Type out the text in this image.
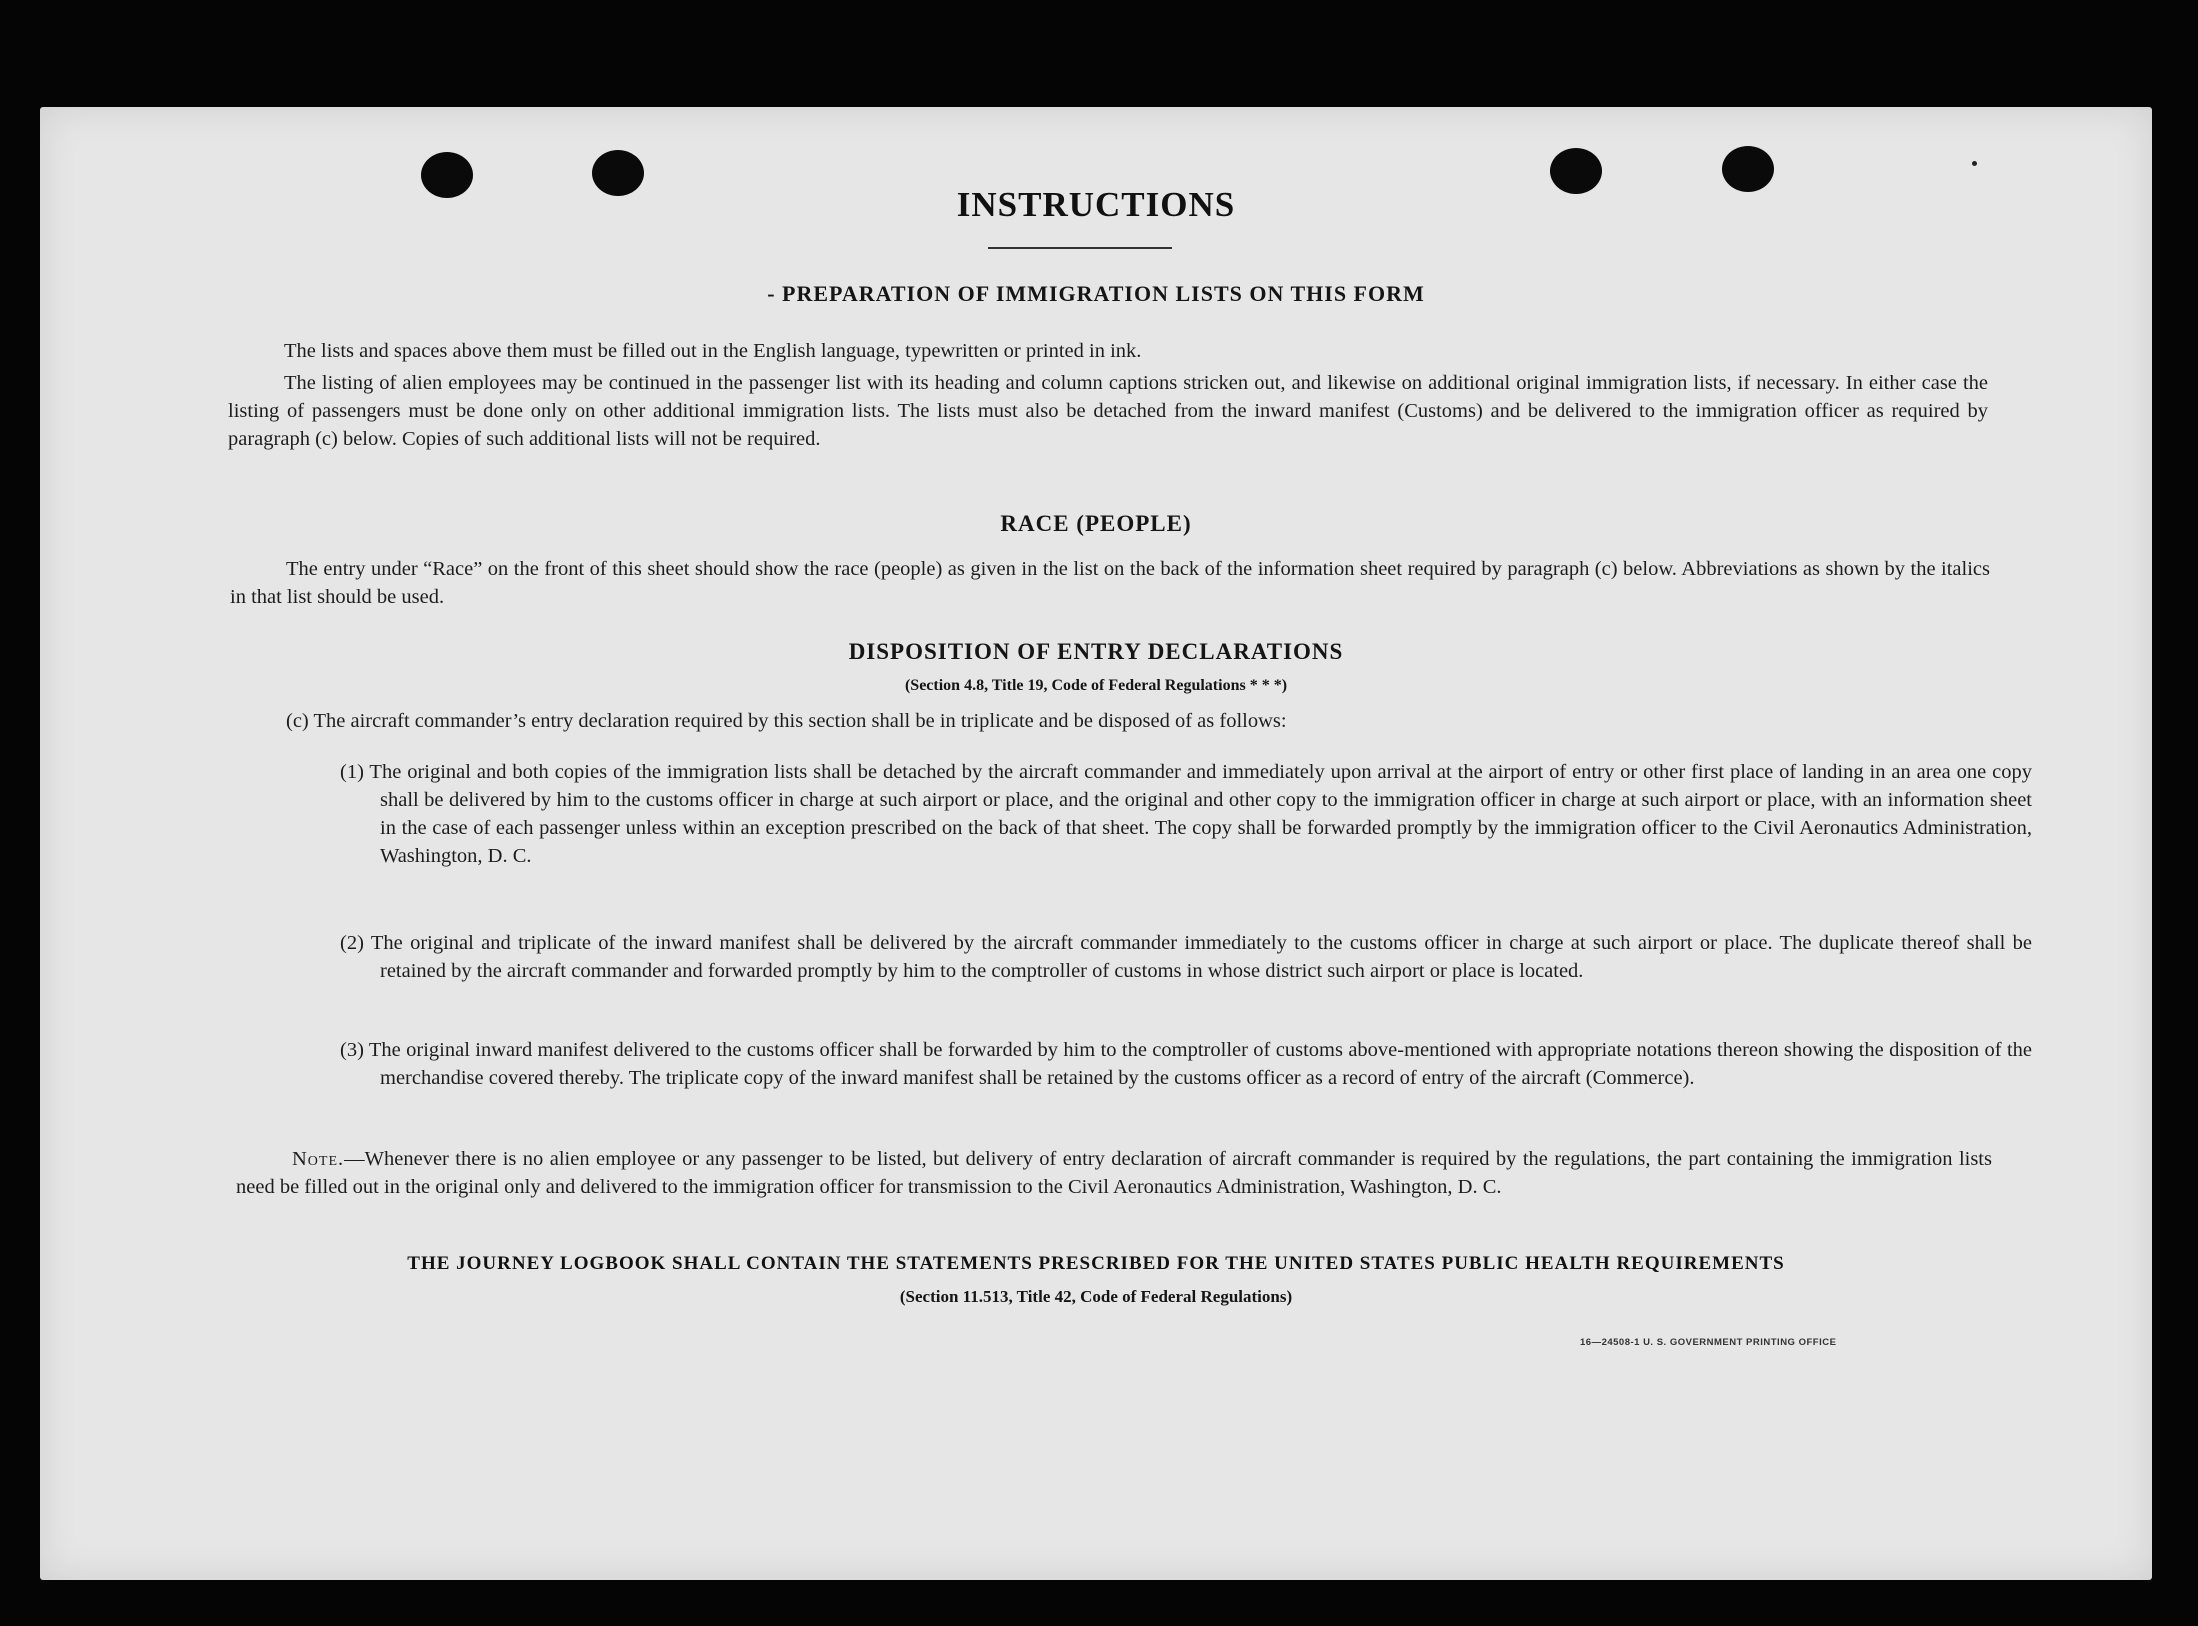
INSTRUCTIONS
- PREPARATION OF IMMIGRATION LISTS ON THIS FORM

The lists and spaces above them must be filled out in the English language, typewritten or printed in ink.

The listing of alien employees may be continued in the passenger list with its heading and column captions stricken out, and likewise on additional original immigration lists, if necessary. In either case the listing of passengers must be done only on other additional immigration lists. The lists must also be detached from the inward manifest (Customs) and be delivered to the immigration officer as required by paragraph (c) below. Copies of such additional lists will not be required.

RACE (PEOPLE)

The entry under “Race” on the front of this sheet should show the race (people) as given in the list on the back of the information sheet required by paragraph (c) below. Abbreviations as shown by the italics in that list should be used.

DISPOSITION OF ENTRY DECLARATIONS
(Section 4.8, Title 19, Code of Federal Regulations * * *)

(c) The aircraft commander’s entry declaration required by this section shall be in triplicate and be disposed of as follows:

(1) The original and both copies of the immigration lists shall be detached by the aircraft commander and immediately upon arrival at the airport of entry or other first place of landing in an area one copy shall be delivered by him to the customs officer in charge at such airport or place, and the original and other copy to the immigration officer in charge at such airport or place, with an information sheet in the case of each passenger unless within an exception prescribed on the back of that sheet. The copy shall be forwarded promptly by the immigration officer to the Civil Aeronautics Administration, Washington, D. C.

(2) The original and triplicate of the inward manifest shall be delivered by the aircraft commander immediately to the customs officer in charge at such airport or place. The duplicate thereof shall be retained by the aircraft commander and forwarded promptly by him to the comptroller of customs in whose district such airport or place is located.

(3) The original inward manifest delivered to the customs officer shall be forwarded by him to the comptroller of customs above-mentioned with appropriate notations thereon showing the disposition of the merchandise covered thereby. The triplicate copy of the inward manifest shall be retained by the customs officer as a record of entry of the aircraft (Commerce).

Note.—Whenever there is no alien employee or any passenger to be listed, but delivery of entry declaration of aircraft commander is required by the regulations, the part containing the immigration lists need be filled out in the original only and delivered to the immigration officer for transmission to the Civil Aeronautics Administration, Washington, D. C.

THE JOURNEY LOGBOOK SHALL CONTAIN THE STATEMENTS PRESCRIBED FOR THE UNITED STATES PUBLIC HEALTH REQUIREMENTS
(Section 11.513, Title 42, Code of Federal Regulations)
16—24508-1 U. S. GOVERNMENT PRINTING OFFICE
